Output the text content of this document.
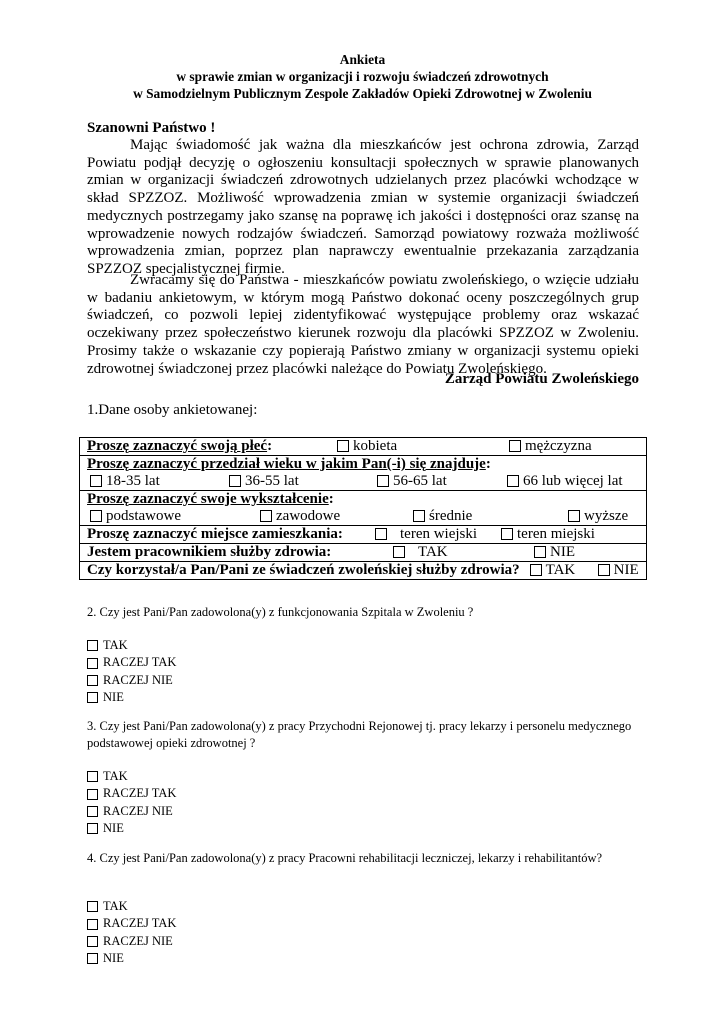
Ankieta
w sprawie zmian w organizacji i rozwoju świadczeń zdrowotnych
w Samodzielnym Publicznym Zespole Zakładów Opieki Zdrowotnej w Zwoleniu
Szanowni Państwo !
Mając świadomość jak ważna dla mieszkańców jest ochrona zdrowia, Zarząd Powiatu podjął decyzję o ogłoszeniu konsultacji społecznych w sprawie planowanych zmian w organizacji świadczeń zdrowotnych udzielanych przez placówki wchodzące w skład SPZZOZ. Możliwość wprowadzenia zmian w systemie organizacji świadczeń medycznych postrzegamy jako szansę na poprawę ich jakości i dostępności oraz szansę na wprowadzenie nowych rodzajów świadczeń. Samorząd powiatowy rozważa możliwość wprowadzenia zmian, poprzez plan naprawczy ewentualnie przekazania zarządzania SPZZOZ specjalistycznej firmie.
Zwracamy się do Państwa - mieszkańców powiatu zwoleńskiego, o wzięcie udziału w badaniu ankietowym, w którym mogą Państwo dokonać oceny poszczególnych grup świadczeń, co pozwoli lepiej zidentyfikować występujące problemy oraz wskazać oczekiwany przez społeczeństwo kierunek rozwoju dla placówki SPZZOZ w Zwoleniu. Prosimy także o wskazanie czy popierają Państwo zmiany w organizacji systemu opieki zdrowotnej świadczonej przez placówki należące do Powiatu Zwoleńskiego.
Zarząd Powiatu Zwoleńskiego
1.Dane osoby ankietowanej:
Proszę zaznaczyć swoją płeć:	kobieta	mężczyzna

Proszę zaznaczyć przedział wieku w jakim Pan(-i) się znajduje:
18-35 lat	36-55 lat	56-65 lat	66 lub więcej lat

Proszę zaznaczyć swoje wykształcenie:
podstawowe	zawodowe	średnie	wyższe

Proszę zaznaczyć miejsce zamieszkania:	teren wiejski	teren miejski

Jestem pracownikiem służby zdrowia:	TAK	NIE

Czy korzystał/a Pan/Pani ze świadczeń zwoleńskiej służby zdrowia? TAK	NIE
2. Czy jest Pani/Pan zadowolona(y) z funkcjonowania Szpitala w Zwoleniu ?
TAK
RACZEJ TAK
RACZEJ NIE
NIE
3. Czy jest Pani/Pan zadowolona(y) z pracy Przychodni Rejonowej tj. pracy lekarzy i personelu medycznego podstawowej opieki zdrowotnej ?
TAK
RACZEJ TAK
RACZEJ NIE
NIE
4. Czy jest Pani/Pan zadowolona(y) z pracy Pracowni rehabilitacji leczniczej, lekarzy i rehabilitantów?
TAK
RACZEJ TAK
RACZEJ NIE
NIE
